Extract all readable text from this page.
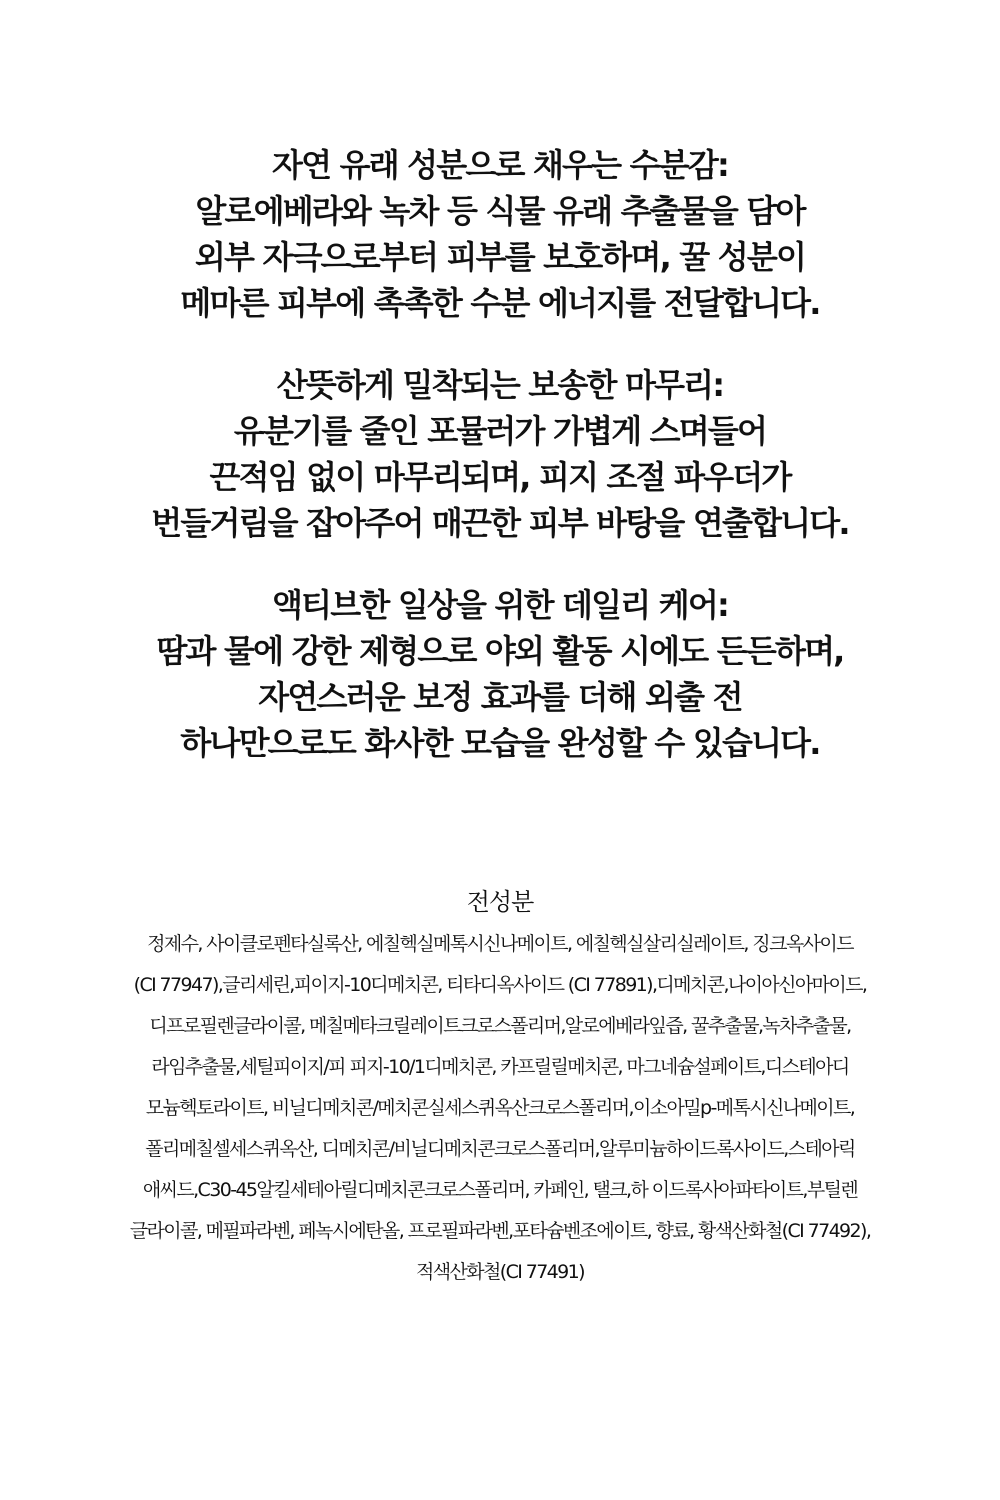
자연 유래 성분으로 채우는 수분감:
알로에베라와 녹차 등 식물 유래 추출물을 담아
외부 자극으로부터 피부를 보호하며, 꿀 성분이
메마른 피부에 촉촉한 수분 에너지를 전달합니다.
산뜻하게 밀착되는 보송한 마무리:
유분기를 줄인 포뮬러가 가볍게 스며들어
끈적임 없이 마무리되며, 피지 조절 파우더가
번들거림을 잡아주어 매끈한 피부 바탕을 연출합니다.
액티브한 일상을 위한 데일리 케어:
땀과 물에 강한 제형으로 야외 활동 시에도 든든하며,
자연스러운 보정 효과를 더해 외출 전
하나만으로도 화사한 모습을 완성할 수 있습니다.
전성분
정제수, 사이클로펜타실록산, 에칠헥실메톡시신나메이트, 에칠헥실살리실레이트, 징크옥사이드
(CI 77947),글리세린,피이지-10디메치콘, 티타디옥사이드 (CI 77891),디메치콘,나이아신아마이드,
디프로필렌글라이콜, 메칠메타크릴레이트크로스폴리머,알로에베라잎즙, 꿀추출물,녹차추출물,
라임추출물,세틸피이지/피 피지-10/1디메치콘, 카프릴릴메치콘, 마그네슘설페이트,디스테아디
모늄헥토라이트, 비닐디메치콘/메치콘실세스퀴옥산크로스폴리머,이소아밀p-메톡시신나메이트,
폴리메칠셀세스퀴옥산, 디메치콘/비닐디메치콘크로스폴리머,알루미늄하이드록사이드,스테아릭
애씨드,C30-45알킬세테아릴디메치콘크로스폴리머, 카페인, 탤크,하 이드록사아파타이트,부틸렌
글라이콜, 메필파라벤, 페녹시에탄올, 프로필파라벤,포타슘벤조에이트, 향료, 황색산화철(CI 77492),
적색산화철(CI 77491)
